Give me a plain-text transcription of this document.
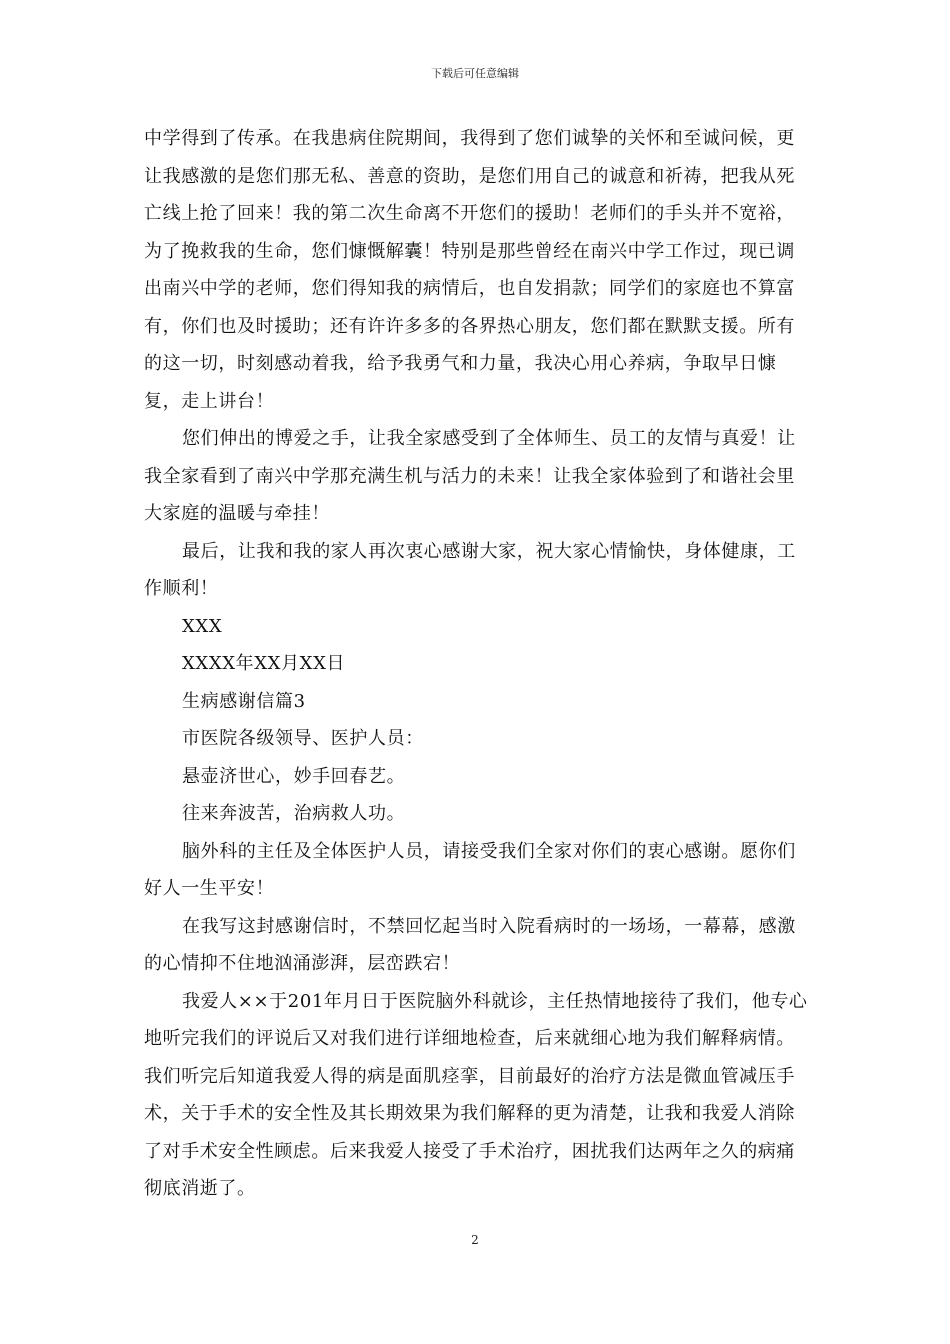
下载后可任意编辑

中学得到了传承。在我患病住院期间，我得到了您们诚挚的关怀和至诚问候，更让我感激的是您们那无私、善意的资助，是您们用自己的诚意和祈祷，把我从死亡线上抢了回来！我的第二次生命离不开您们的援助！老师们的手头并不宽裕，为了挽救我的生命，您们慷慨解囊！特别是那些曾经在南兴中学工作过，现已调出南兴中学的老师，您们得知我的病情后，也自发捐款；同学们的家庭也不算富有，你们也及时援助；还有许许多多的各界热心朋友，您们都在默默支援。所有的这一切，时刻感动着我，给予我勇气和力量，我决心用心养病，争取早日慷复，走上讲台！

您们伸出的博爱之手，让我全家感受到了全体师生、员工的友情与真爱！让我全家看到了南兴中学那充满生机与活力的未来！让我全家体验到了和谐社会里大家庭的温暖与牵挂！

最后，让我和我的家人再次衷心感谢大家，祝大家心情愉快，身体健康，工作顺利！

XXX

XXXX年XX月XX日

生病感谢信篇3

市医院各级领导、医护人员：

悬壶济世心，妙手回春艺。

往来奔波苦，治病救人功。

脑外科的主任及全体医护人员，请接受我们全家对你们的衷心感谢。愿你们好人一生平安！

在我写这封感谢信时，不禁回忆起当时入院看病时的一场场，一幕幕，感激的心情抑不住地汹涌澎湃，层峦跌宕！

我爱人××于201年月日于医院脑外科就诊，主任热情地接待了我们，他专心地听完我们的评说后又对我们进行详细地检查，后来就细心地为我们解释病情。我们听完后知道我爱人得的病是面肌痉挛，目前最好的治疗方法是微血管减压手术，关于手术的安全性及其长期效果为我们解释的更为清楚，让我和我爱人消除了对手术安全性顾虑。后来我爱人接受了手术治疗，困扰我们达两年之久的病痛彻底消逝了。

2
